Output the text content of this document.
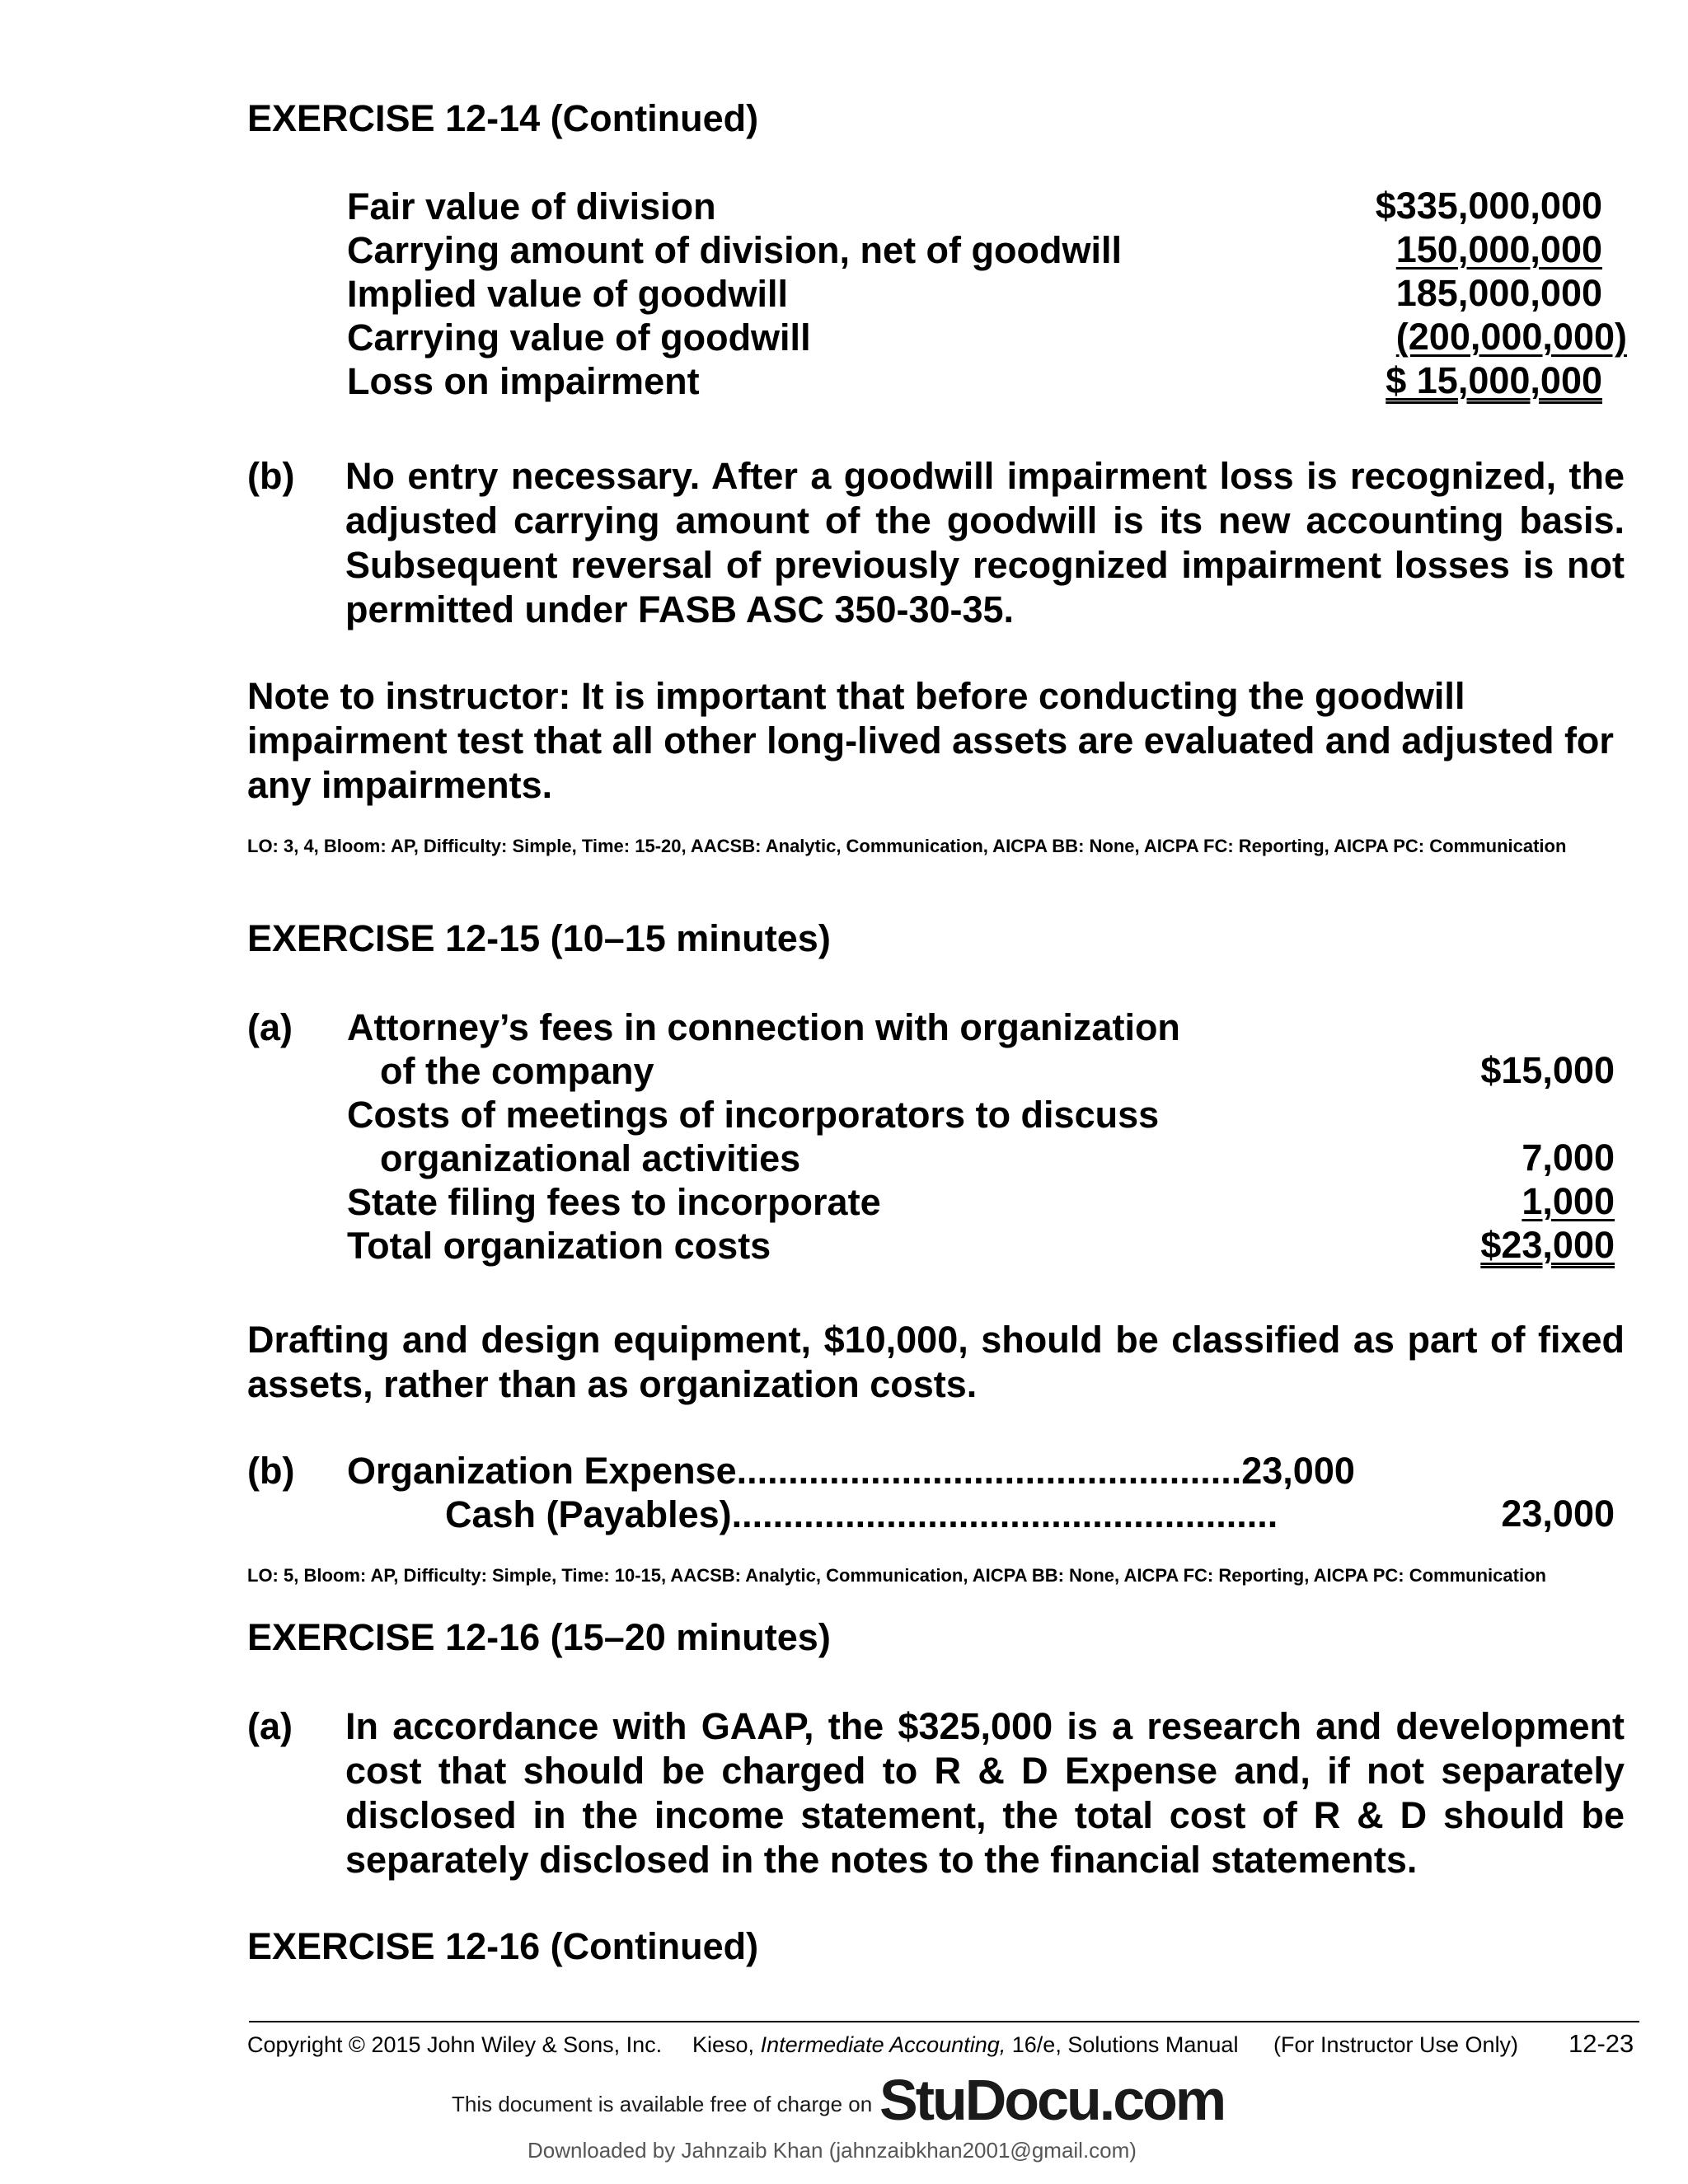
EXERCISE 12-14 (Continued)
Fair value of division	$335,000,000
Carrying amount of division, net of goodwill	150,000,000
Implied value of goodwill	185,000,000
Carrying value of goodwill	(200,000,000)
Loss on impairment	$ 15,000,000
(b) No entry necessary. After a goodwill impairment loss is recognized, the adjusted carrying amount of the goodwill is its new accounting basis. Subsequent reversal of previously recognized impairment losses is not permitted under FASB ASC 350-30-35.
Note to instructor: It is important that before conducting the goodwill impairment test that all other long-lived assets are evaluated and adjusted for any impairments.
LO: 3, 4, Bloom: AP, Difficulty: Simple, Time: 15-20, AACSB: Analytic, Communication, AICPA BB: None, AICPA FC: Reporting, AICPA PC: Communication
EXERCISE 12-15 (10–15 minutes)
(a) Attorney’s fees in connection with organization
of the company	$15,000
Costs of meetings of incorporators to discuss
organizational activities	7,000
State filing fees to incorporate	1,000
Total organization costs	$23,000
Drafting and design equipment, $10,000, should be classified as part of fixed assets, rather than as organization costs.
(b) Organization Expense.................................................23,000
Cash (Payables).....................................................	23,000
LO: 5, Bloom: AP, Difficulty: Simple, Time: 10-15, AACSB: Analytic, Communication, AICPA BB: None, AICPA FC: Reporting, AICPA PC: Communication
EXERCISE 12-16 (15–20 minutes)
(a) In accordance with GAAP, the $325,000 is a research and development cost that should be charged to R & D Expense and, if not separately disclosed in the income statement, the total cost of R & D should be separately disclosed in the notes to the financial statements.
EXERCISE 12-16 (Continued)
Copyright © 2015 John Wiley & Sons, Inc. Kieso, Intermediate Accounting, 16/e, Solutions Manual (For Instructor Use Only) 12-23
This document is available free of charge on StuDocu.com
Downloaded by Jahnzaib Khan (jahnzaibkhan2001@gmail.com)
